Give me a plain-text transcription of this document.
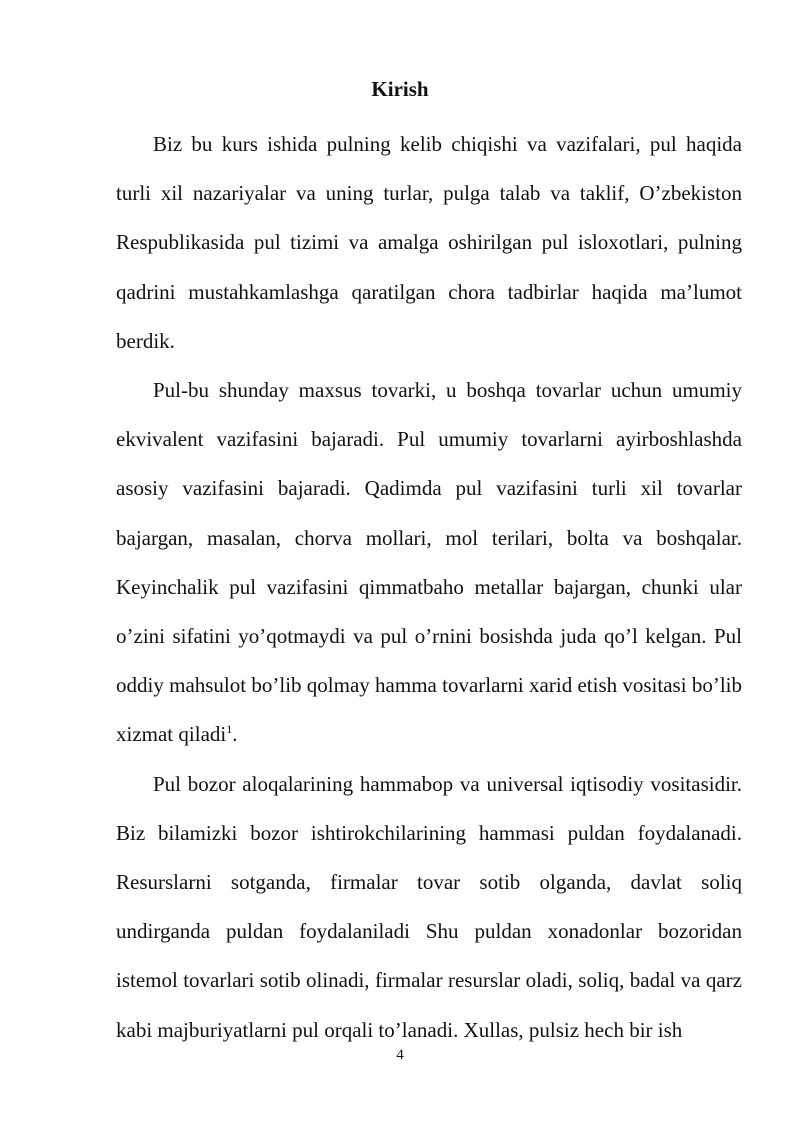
Kirish

Biz bu kurs ishida pulning kelib chiqishi va vazifalari, pul haqida turli xil nazariyalar va uning turlar, pulga talab va taklif, O’zbekiston Respublikasida pul tizimi va amalga oshirilgan pul isloxotlari, pulning qadrini mustahkamlashga qaratilgan chora tadbirlar haqida ma’lumot berdik.

Pul-bu shunday maxsus tovarki, u boshqa tovarlar uchun umumiy ekvivalent vazifasini bajaradi. Pul umumiy tovarlarni ayirboshlashda asosiy vazifasini bajaradi. Qadimda pul vazifasini turli xil tovarlar bajargan, masalan, chorva mollari, mol terilari, bolta va boshqalar. Keyinchalik pul vazifasini qimmatbaho metallar bajargan, chunki ular o’zini sifatini yo’qotmaydi va pul o’rnini bosishda juda qo’l kelgan. Pul oddiy mahsulot bo’lib qolmay hamma tovarlarni xarid etish vositasi bo’lib xizmat qiladi$^1$.

Pul bozor aloqalarining hammabop va universal iqtisodiy vositasidir. Biz bilamizki bozor ishtirokchilarining hammasi puldan foydalanadi. Resurslarni sotganda, firmalar tovar sotib olganda, davlat soliq undirganda puldan foydalaniladi Shu puldan xonadonlar bozoridan istemol tovarlari sotib olinadi, firmalar resurslar oladi, soliq, badal va qarz kabi majburiyatlarni pul orqali to’lanadi. Xullas, pulsiz hech bir ish

4
